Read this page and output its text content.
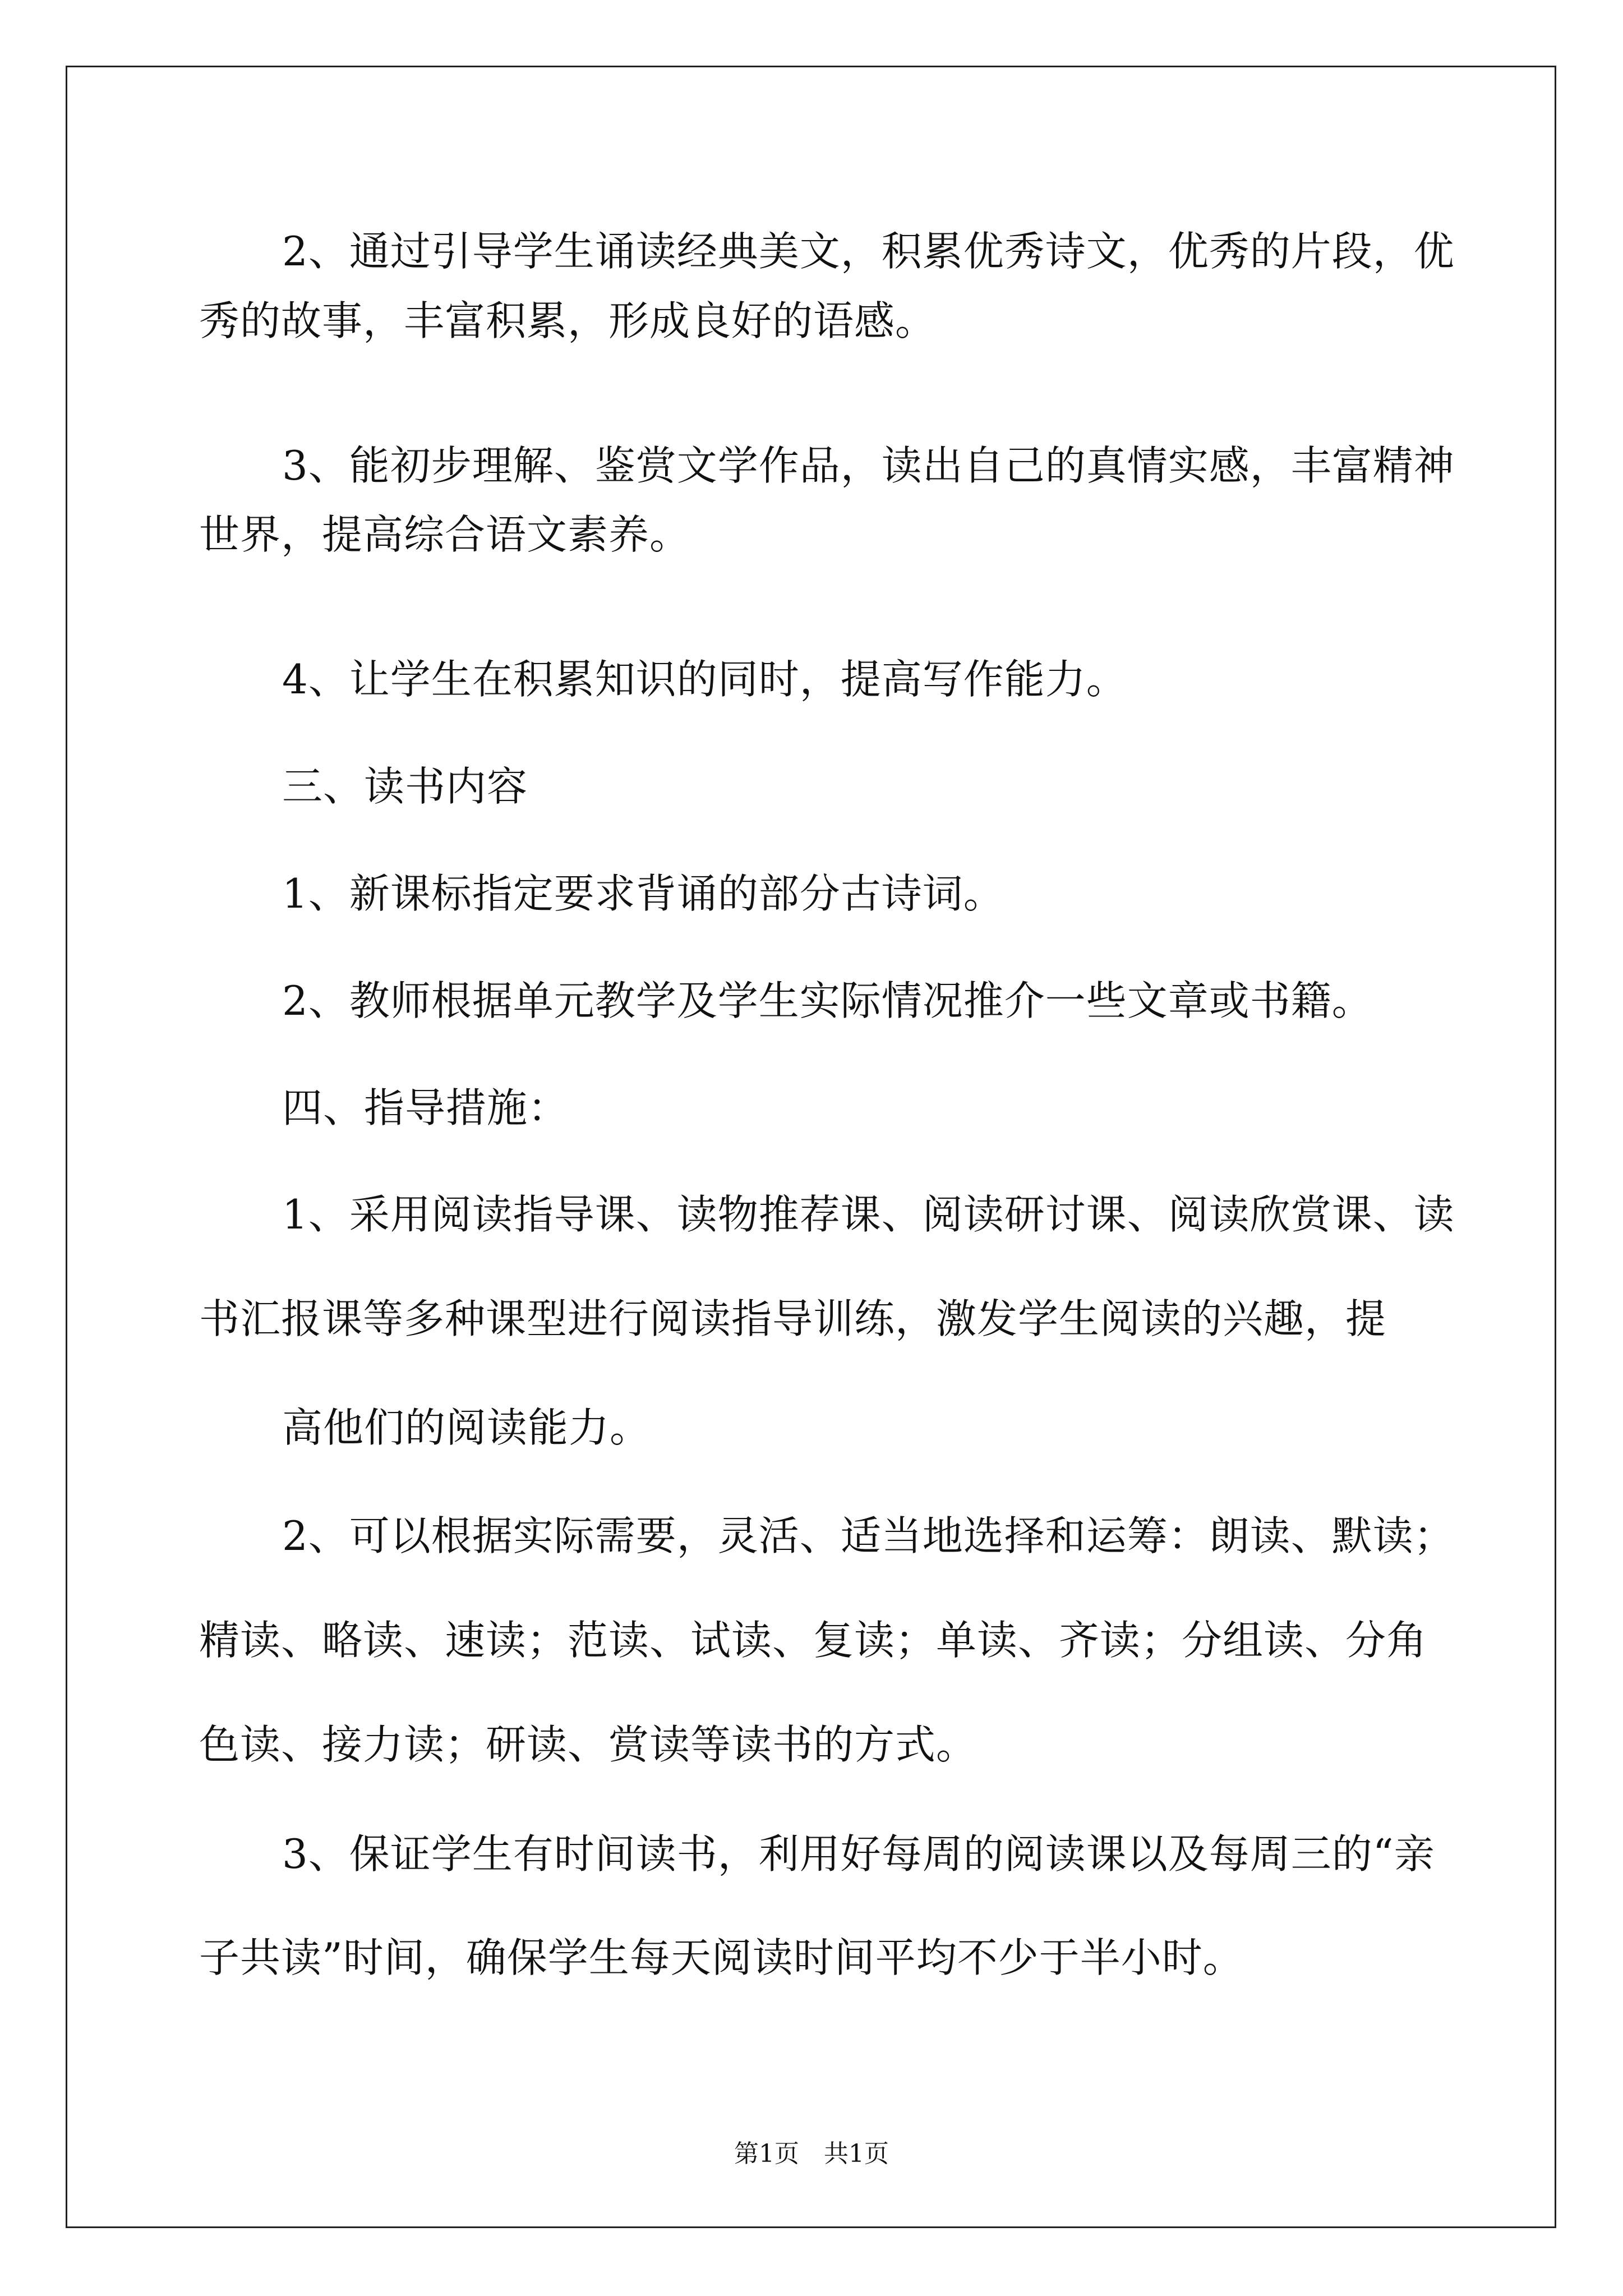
2、通过引导学生诵读经典美文，积累优秀诗文，优秀的片段，优
秀的故事，丰富积累，形成良好的语感。
3、能初步理解、鉴赏文学作品，读出自己的真情实感，丰富精神
世界，提高综合语文素养。
4、让学生在积累知识的同时，提高写作能力。
三、读书内容
1、新课标指定要求背诵的部分古诗词。
2、教师根据单元教学及学生实际情况推介一些文章或书籍。
四、指导措施：
1、采用阅读指导课、读物推荐课、阅读研讨课、阅读欣赏课、读
书汇报课等多种课型进行阅读指导训练，激发学生阅读的兴趣，提
高他们的阅读能力。
2、可以根据实际需要，灵活、适当地选择和运筹：朗读、默读；
精读、略读、速读；范读、试读、复读；单读、齐读；分组读、分角
色读、接力读；研读、赏读等读书的方式。
3、保证学生有时间读书，利用好每周的阅读课以及每周三的“亲
子共读”时间，确保学生每天阅读时间平均不少于半小时。
第1页　共1页
